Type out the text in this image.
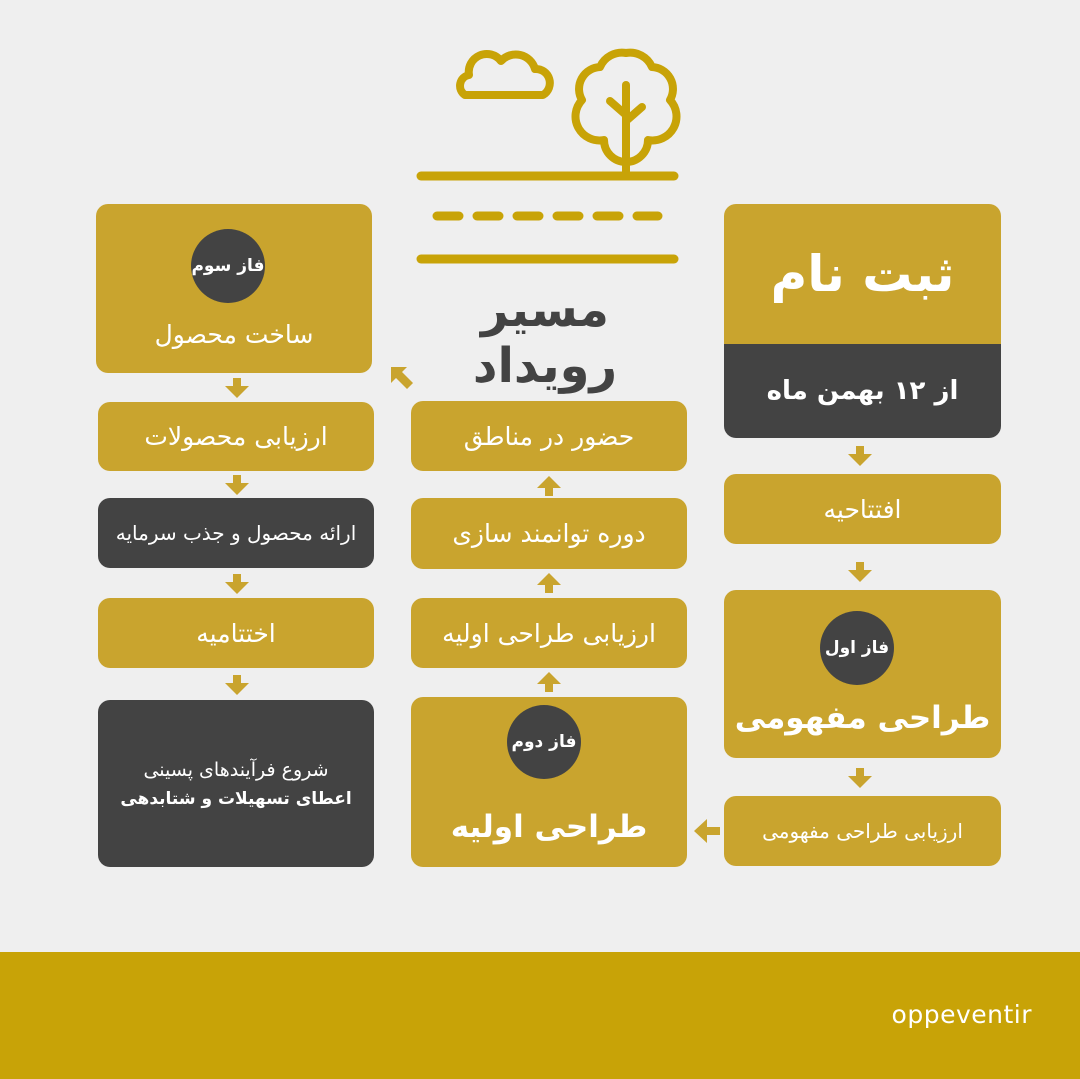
مسیر رویداد
ثبت نام
از ۱۲ بهمن ماه
افتتاحیه
طراحی مفهومی
فاز اول
ارزیابی طراحی مفهومی
حضور در مناطق
دوره توانمند سازی
ارزیابی طراحی اولیه
طراحی اولیه
فاز دوم
ساخت محصول
فاز سوم
ارزیابی محصولات
ارائه محصول و جذب سرمایه
اختتامیه
شروع فرآیندهای پسینی
اعطای تسهیلات و شتابدهی
oppeventir
